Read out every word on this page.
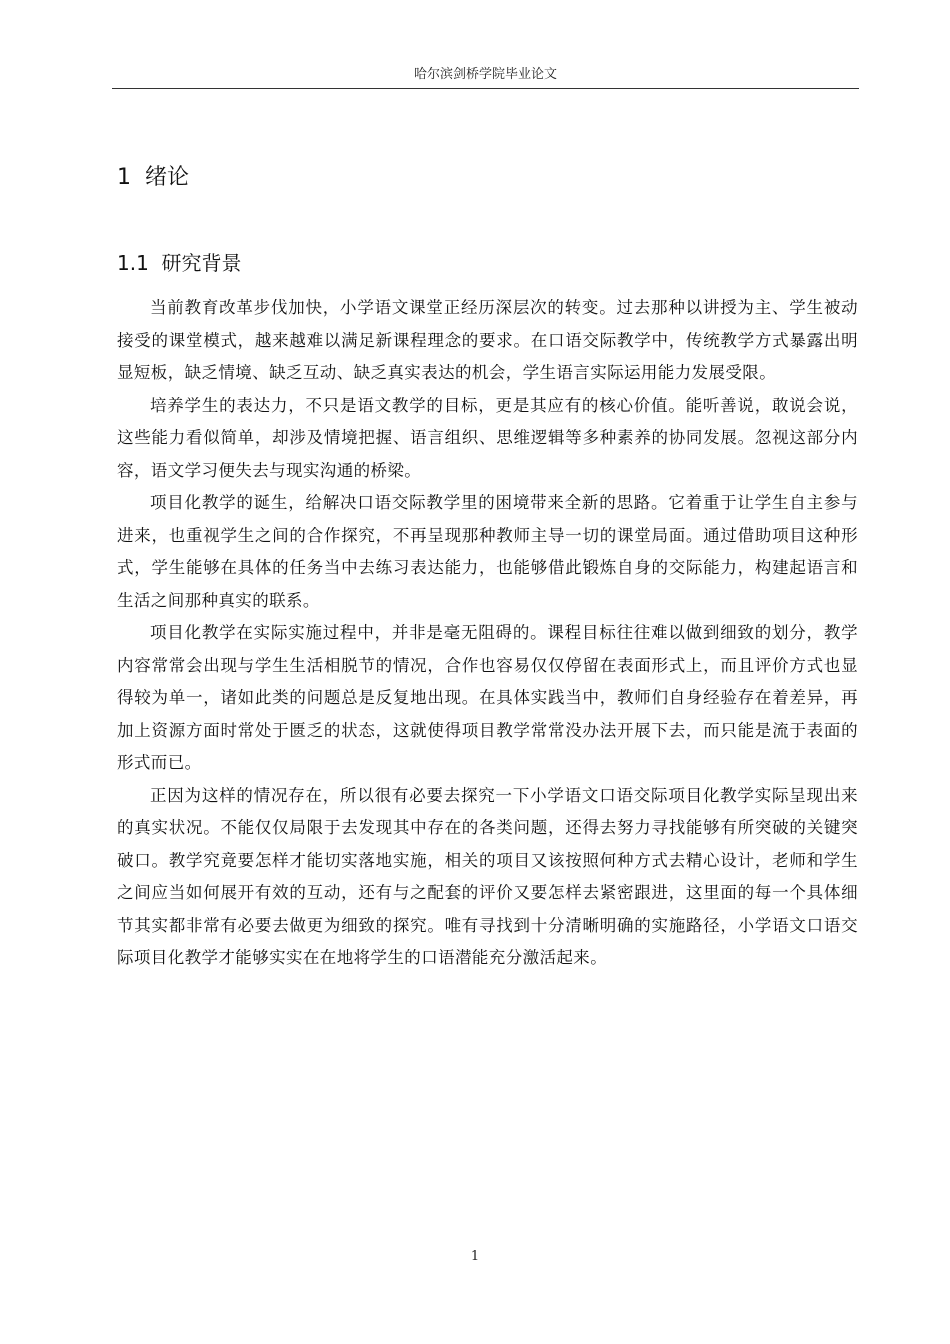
哈尔滨剑桥学院毕业论文
1  绪论
1.1  研究背景

当前教育改革步伐加快，小学语文课堂正经历深层次的转变。过去那种以讲授为主、学生被动接受的课堂模式，越来越难以满足新课程理念的要求。在口语交际教学中，传统教学方式暴露出明显短板，缺乏情境、缺乏互动、缺乏真实表达的机会，学生语言实际运用能力发展受限。

培养学生的表达力，不只是语文教学的目标，更是其应有的核心价值。能听善说，敢说会说，这些能力看似简单，却涉及情境把握、语言组织、思维逻辑等多种素养的协同发展。忽视这部分内容，语文学习便失去与现实沟通的桥梁。

项目化教学的诞生，给解决口语交际教学里的困境带来全新的思路。它着重于让学生自主参与进来，也重视学生之间的合作探究，不再呈现那种教师主导一切的课堂局面。通过借助项目这种形式，学生能够在具体的任务当中去练习表达能力，也能够借此锻炼自身的交际能力，构建起语言和生活之间那种真实的联系。

项目化教学在实际实施过程中，并非是毫无阻碍的。课程目标往往难以做到细致的划分，教学内容常常会出现与学生生活相脱节的情况，合作也容易仅仅停留在表面形式上，而且评价方式也显得较为单一，诸如此类的问题总是反复地出现。在具体实践当中，教师们自身经验存在着差异，再加上资源方面时常处于匮乏的状态，这就使得项目教学常常没办法开展下去，而只能是流于表面的形式而已。

正因为这样的情况存在，所以很有必要去探究一下小学语文口语交际项目化教学实际呈现出来的真实状况。不能仅仅局限于去发现其中存在的各类问题，还得去努力寻找能够有所突破的关键突破口。教学究竟要怎样才能切实落地实施，相关的项目又该按照何种方式去精心设计，老师和学生之间应当如何展开有效的互动，还有与之配套的评价又要怎样去紧密跟进，这里面的每一个具体细节其实都非常有必要去做更为细致的探究。唯有寻找到十分清晰明确的实施路径，小学语文口语交际项目化教学才能够实实在在地将学生的口语潜能充分激活起来。

1
